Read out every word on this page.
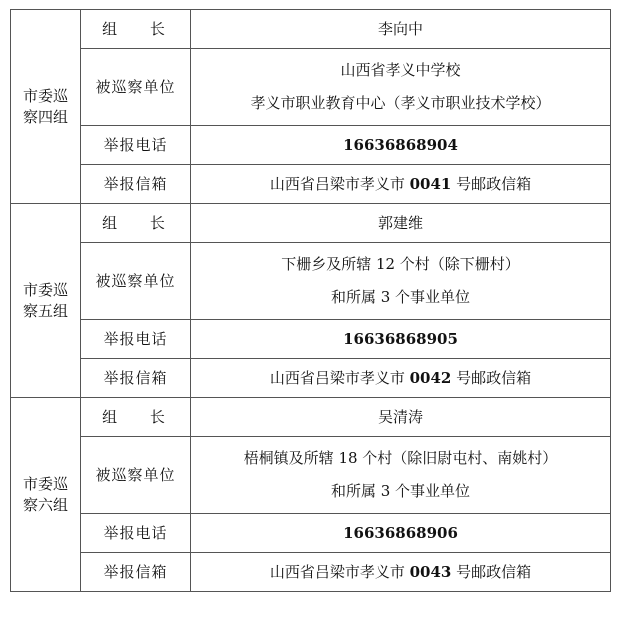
市委巡
察四组	组 长	李向中
	被巡察单位	山西省孝义中学校
孝义市职业教育中心（孝义市职业技术学校）

	举报电话	16636868904
	举报信箱	山西省吕梁市孝义市 0041 号邮政信箱

市委巡
察五组	组 长	郭建维
	被巡察单位	下栅乡及所辖 12 个村（除下栅村）
和所属 3 个事业单位

	举报电话	16636868905
	举报信箱	山西省吕梁市孝义市 0042 号邮政信箱

市委巡
察六组	组 长	吴清涛
	被巡察单位	梧桐镇及所辖 18 个村（除旧尉屯村、南姚村）
和所属 3 个事业单位

	举报电话	16636868906
	举报信箱	山西省吕梁市孝义市 0043 号邮政信箱
